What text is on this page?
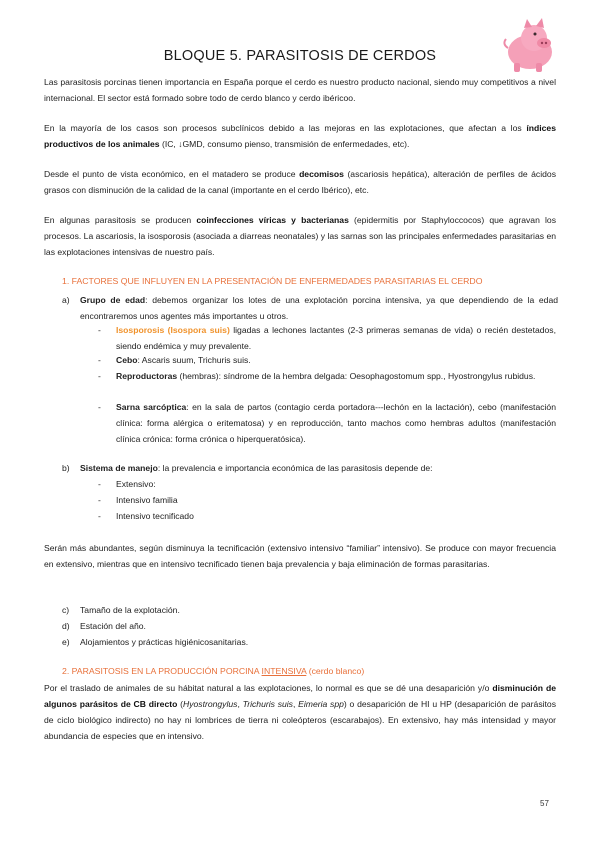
BLOQUE 5. PARASITOSIS DE CERDOS

Las parasitosis porcinas tienen importancia en España porque el cerdo es nuestro producto nacional, siendo muy competitivos a nivel internacional. El sector está formado sobre todo de cerdo blanco y cerdo ibéricoo.

En la mayoría de los casos son procesos subclínicos debido a las mejoras en las explotaciones, que afectan a los índices productivos de los animales (IC, ↓GMD, consumo pienso, transmisión de enfermedades, etc).

Desde el punto de vista económico, en el matadero se produce decomisos (ascariosis hepática), alteración de perfiles de ácidos grasos con disminución de la calidad de la canal (importante en el cerdo Ibérico), etc.

En algunas parasitosis se producen coinfecciones víricas y bacterianas (epidermitis por Staphyloccocos) que agravan los procesos. La ascariosis, la isosporosis (asociada a diarreas neonatales) y las sarnas son las principales enfermedades parasitarias en las explotaciones intensivas de nuestro país.

1. FACTORES QUE INFLUYEN EN LA PRESENTACIÓN DE ENFERMEDADES PARASITARIAS EL CERDO
a) Grupo de edad: debemos organizar los lotes de una explotación porcina intensiva, ya que dependiendo de la edad encontraremos unos agentes más importantes u otros.

- Isosporosis (Isospora suis) ligadas a lechones lactantes (2-3 primeras semanas de vida) o recién destetados, siendo endémica y muy prevalente.

- Cebo: Ascaris suum, Trichuris suis.

- Reproductoras (hembras): síndrome de la hembra delgada: Oesophagostomum spp., Hyostrongylus rubidus.

- Sarna sarcóptica: en la sala de partos (contagio cerda portadora---lechón en la lactación), cebo (manifestación clínica: forma alérgica o eritematosa) y en reproducción, tanto machos como hembras adultos (manifestación clínica crónica: forma crónica o hiperqueratósica).

b) Sistema de manejo: la prevalencia e importancia económica de las parasitosis depende de:

- Extensivo:
- Intensivo familia
- Intensivo tecnificado

Serán más abundantes, según disminuya la tecnificación (extensivo intensivo “familiar” intensivo). Se produce con mayor frecuencia en extensivo, mientras que en intensivo tecnificado tienen baja prevalencia y baja eliminación de formas parasitarias.

c) Tamaño de la explotación.
d) Estación del año.
e) Alojamientos y prácticas higiénicosanitarias.
2. PARASITOSIS EN LA PRODUCCIÓN PORCINA INTENSIVA (cerdo blanco)

Por el traslado de animales de su hábitat natural a las explotaciones, lo normal es que se dé una desaparición y/o disminución de algunos parásitos de CB directo (Hyostrongylus, Trichuris suis, Eimeria spp) o desaparición de HI u HP (desaparición de parásitos de ciclo biológico indirecto) no hay ni lombrices de tierra ni coleópteros (escarabajos). En extensivo, hay más intensidad y mayor abundancia de especies que en intensivo.

57
